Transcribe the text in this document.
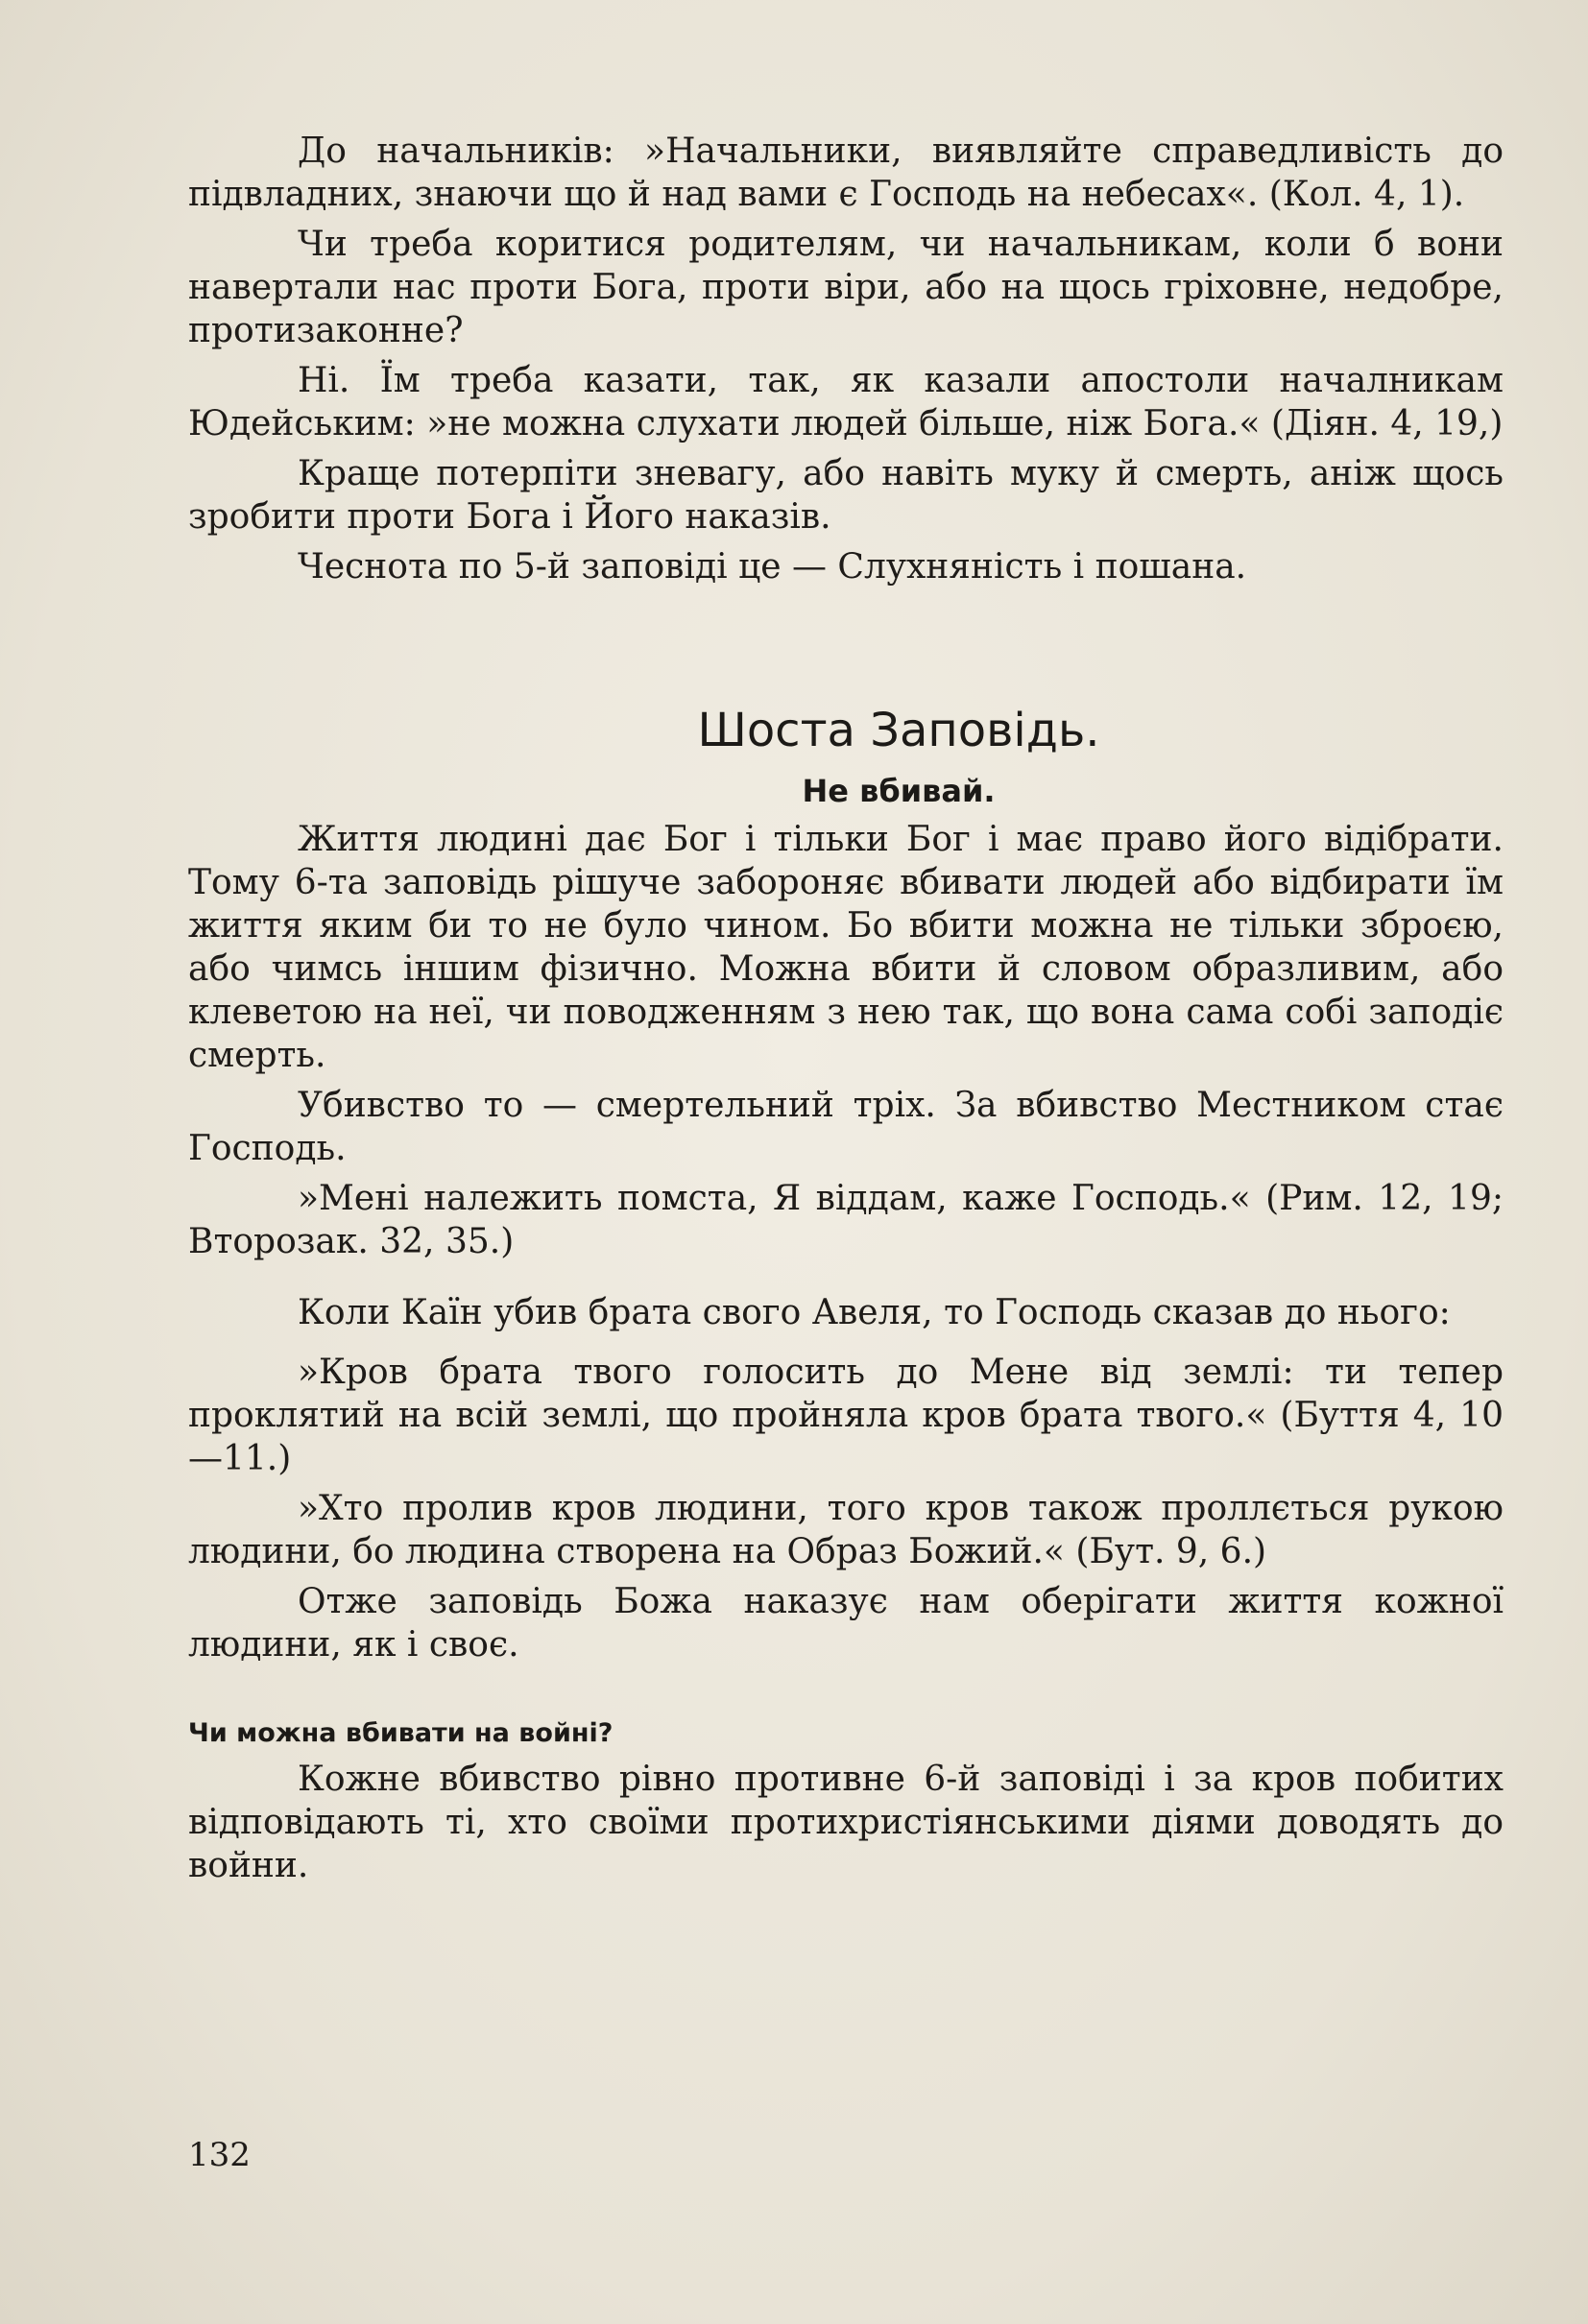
До начальників: »Начальники, виявляйте справедливість до підвладних, знаючи що й над вами є Господь на небесах«. (Кол. 4, 1).

Чи треба коритися родителям, чи начальникам, коли б вони навертали нас проти Бога, проти віри, або на щось гріховне, недобре, протизаконне?

Ні. Їм треба казати, так, як казали апостоли началникам Юдейським: »не можна слухати людей більше, ніж Бога.« (Діян. 4, 19,)

Краще потерпіти зневагу, або навіть муку й смерть, аніж щось зробити проти Бога і Його наказів.

Чеснота по 5-й заповіді це — Слухняність і пошана.

Шоста Заповідь.
Не вбивай.

Життя людині дає Бог і тільки Бог і має право його відібрати. Тому 6-та заповідь рішуче забороняє вбивати людей або відбирати їм життя яким би то не було чином. Бо вбити можна не тільки зброєю, або чимсь іншим фізично. Можна вбити й словом образливим, або клеветою на неї, чи поводженням з нею так, що вона сама собі заподіє смерть.

Убивство то — смертельний тріх. За вбивство Местником стає Господь.

»Мені належить помста, Я віддам, каже Господь.« (Рим. 12, 19; Второзак. 32, 35.)

Коли Каїн убив брата свого Авеля, то Господь сказав до нього:

»Кров брата твого голосить до Мене від землі: ти тепер проклятий на всій землі, що пройняла кров брата твого.« (Буття 4, 10—11.)

»Хто пролив кров людини, того кров також проллється рукою людини, бо людина створена на Образ Божий.« (Бут. 9, 6.)

Отже заповідь Божа наказує нам оберігати життя кожної людини, як і своє.

Чи можна вбивати на войні?

Кожне вбивство рівно противне 6-й заповіді і за кров побитих відповідають ті, хто своїми протихристіянськими діями доводять до войни.

132
